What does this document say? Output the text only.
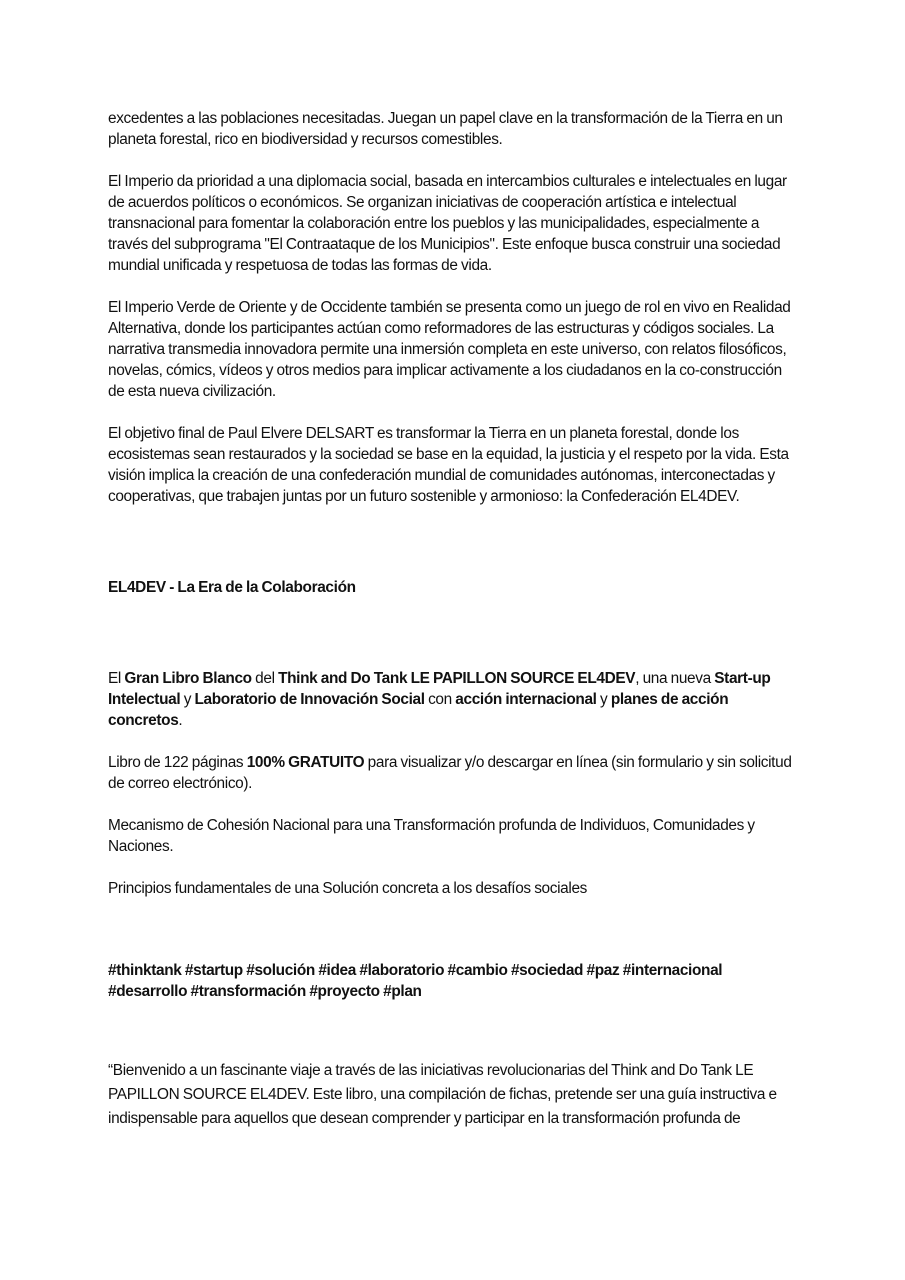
excedentes a las poblaciones necesitadas. Juegan un papel clave en la transformación de la Tierra en un planeta forestal, rico en biodiversidad y recursos comestibles.

El Imperio da prioridad a una diplomacia social, basada en intercambios culturales e intelectuales en lugar de acuerdos políticos o económicos. Se organizan iniciativas de cooperación artística e intelectual transnacional para fomentar la colaboración entre los pueblos y las municipalidades, especialmente a través del subprograma "El Contraataque de los Municipios". Este enfoque busca construir una sociedad mundial unificada y respetuosa de todas las formas de vida.

El Imperio Verde de Oriente y de Occidente también se presenta como un juego de rol en vivo en Realidad Alternativa, donde los participantes actúan como reformadores de las estructuras y códigos sociales. La narrativa transmedia innovadora permite una inmersión completa en este universo, con relatos filosóficos, novelas, cómics, vídeos y otros medios para implicar activamente a los ciudadanos en la co-construcción de esta nueva civilización.

El objetivo final de Paul Elvere DELSART es transformar la Tierra en un planeta forestal, donde los ecosistemas sean restaurados y la sociedad se base en la equidad, la justicia y el respeto por la vida. Esta visión implica la creación de una confederación mundial de comunidades autónomas, interconectadas y cooperativas, que trabajen juntas por un futuro sostenible y armonioso: la Confederación EL4DEV.

EL4DEV - La Era de la Colaboración

El Gran Libro Blanco del Think and Do Tank LE PAPILLON SOURCE EL4DEV, una nueva Start-up Intelectual y Laboratorio de Innovación Social con acción internacional y planes de acción concretos.

Libro de 122 páginas 100% GRATUITO para visualizar y/o descargar en línea (sin formulario y sin solicitud de correo electrónico).

Mecanismo de Cohesión Nacional para una Transformación profunda de Individuos, Comunidades y Naciones.

Principios fundamentales de una Solución concreta a los desafíos sociales

#thinktank #startup #solución #idea #laboratorio #cambio #sociedad #paz #internacional #desarrollo #transformación #proyecto #plan

“Bienvenido a un fascinante viaje a través de las iniciativas revolucionarias del Think and Do Tank LE PAPILLON SOURCE EL4DEV. Este libro, una compilación de fichas, pretende ser una guía instructiva e indispensable para aquellos que desean comprender y participar en la transformación profunda de
